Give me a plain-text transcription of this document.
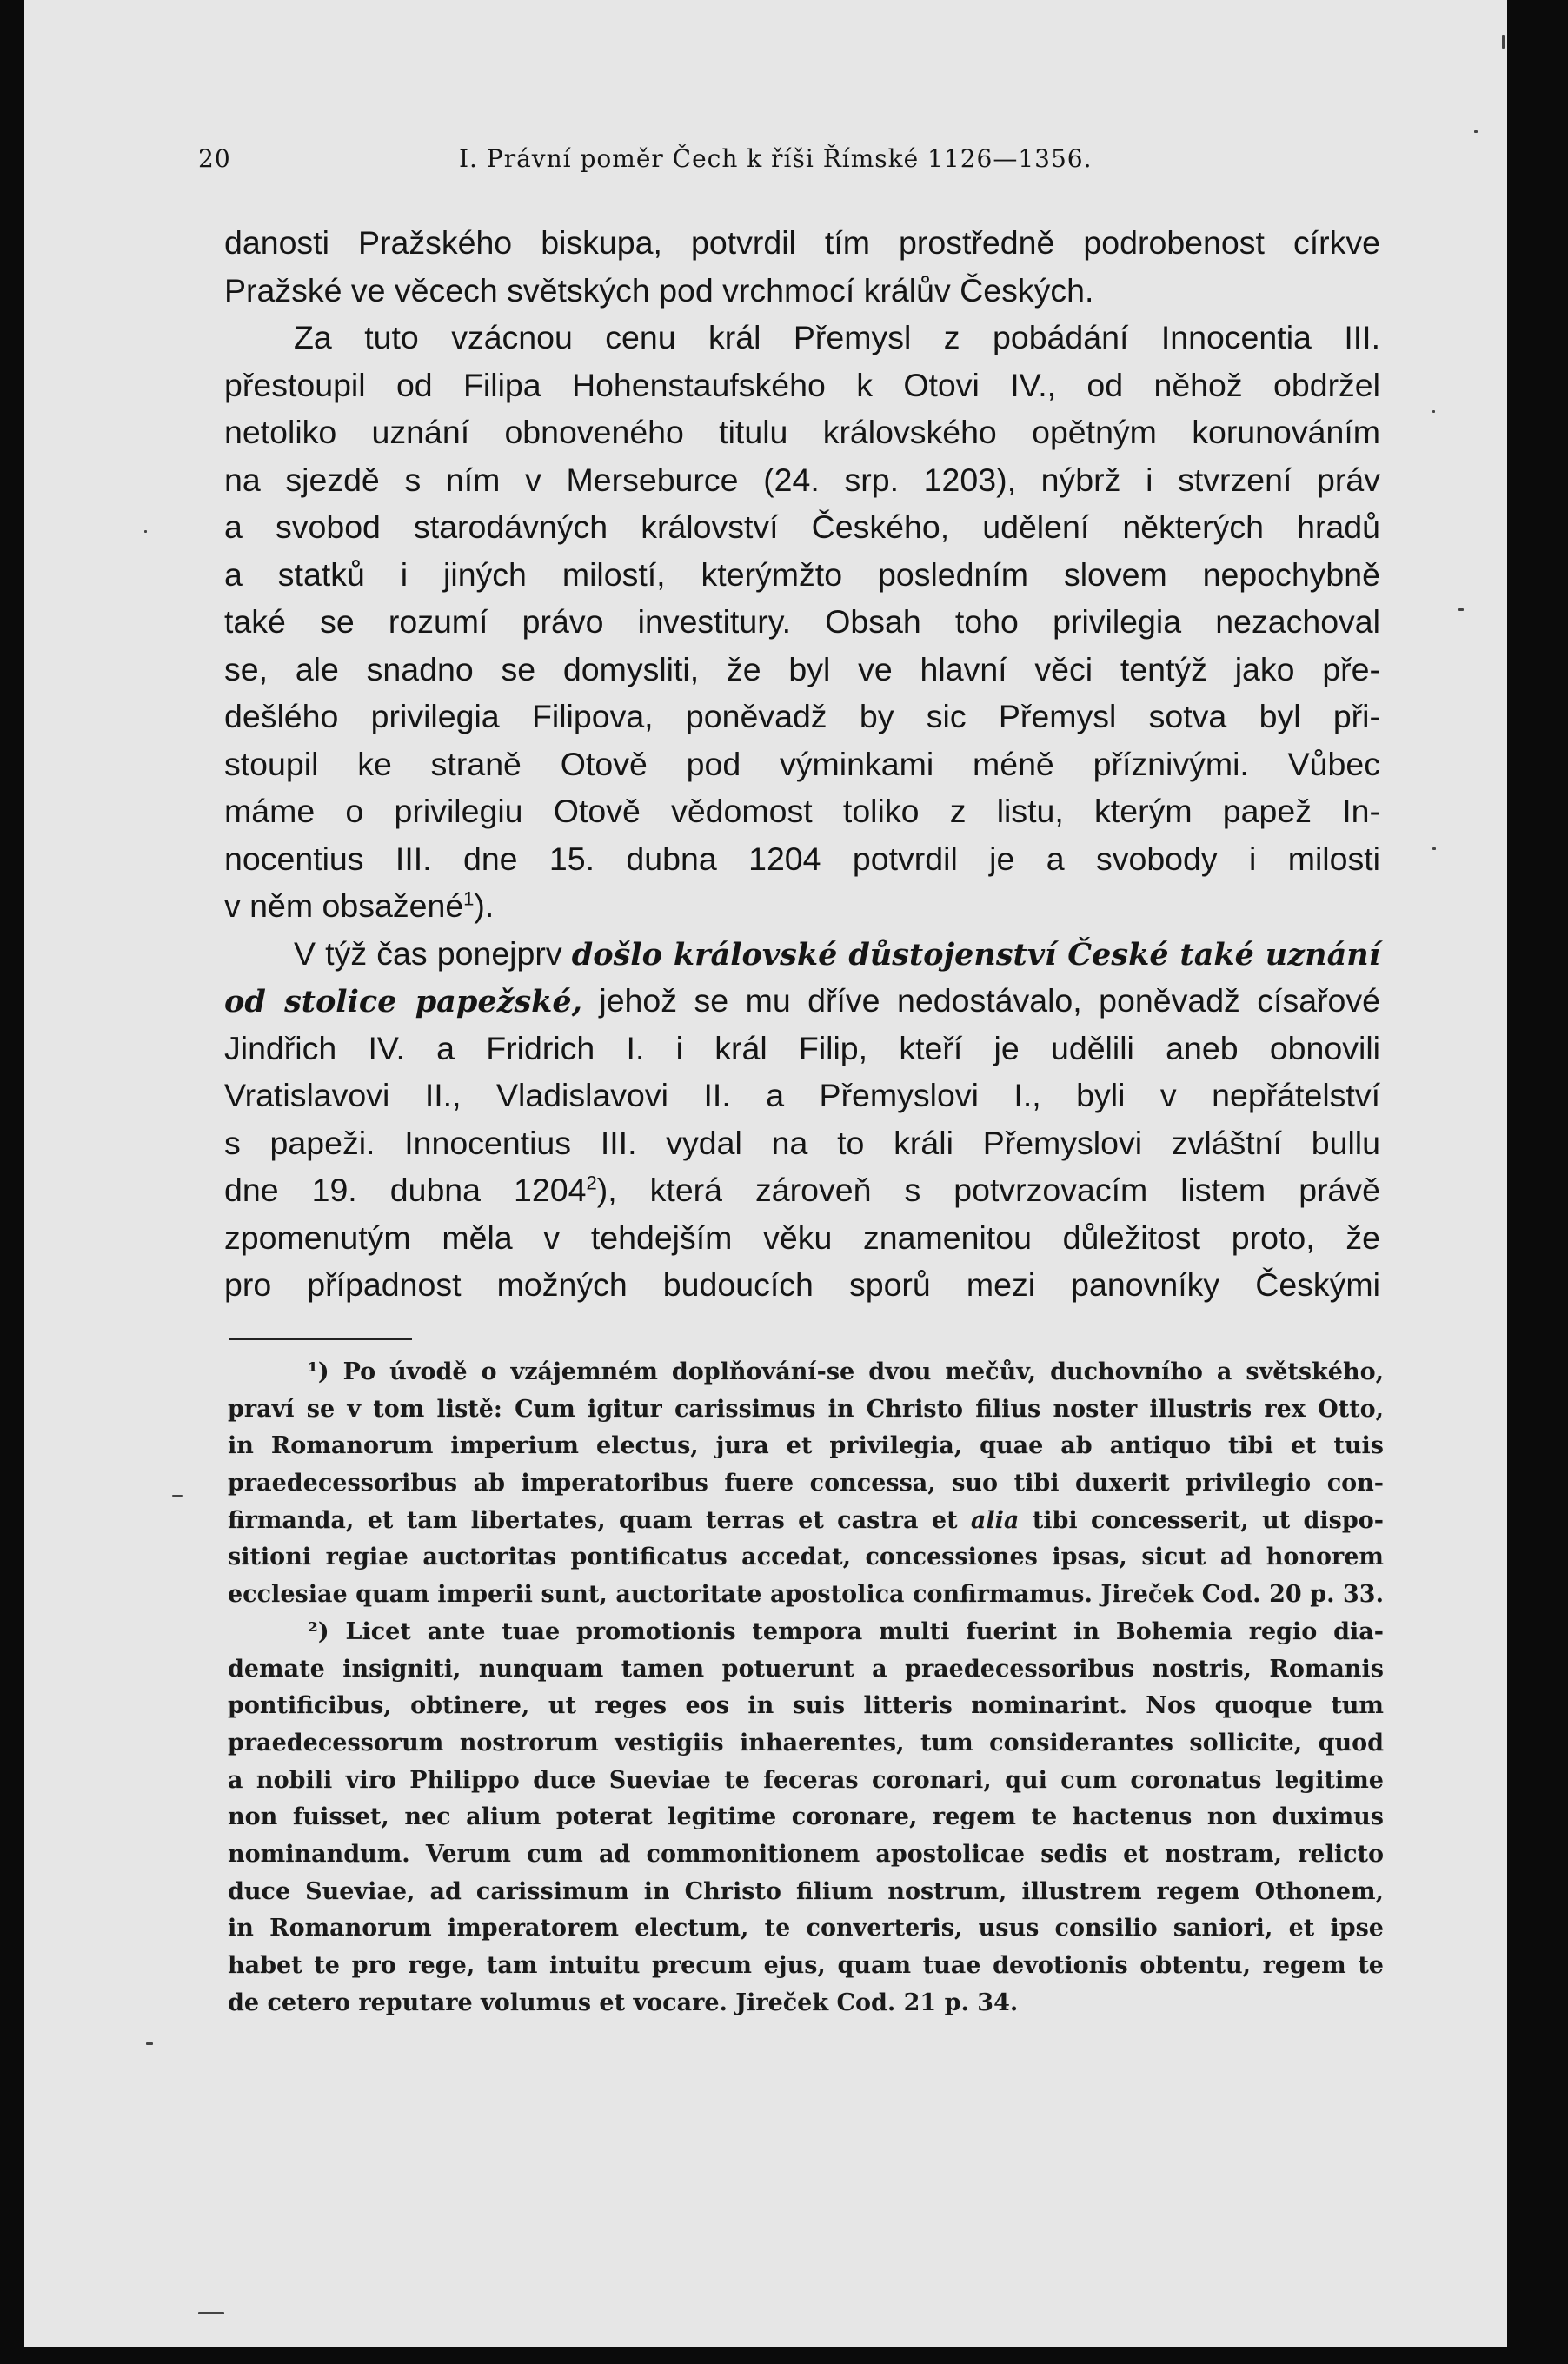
20	I. Právní poměr Čech k říši Římské 1126—1356.
danosti Pražského biskupa, potvrdil tím prostředně podrobenost církve
Pražské ve věcech světských pod vrchmocí králův Českých.
Za tuto vzácnou cenu král Přemysl z pobádání Innocentia III.
přestoupil od Filipa Hohenstaufského k Otovi IV., od něhož obdržel
netoliko uznání obnoveného titulu královského opětným korunováním
na sjezdě s ním v Merseburce (24. srp. 1203), nýbrž i stvrzení práv
a svobod starodávných království Českého, udělení některých hradů
a statků i jiných milostí, kterýmžto posledním slovem nepochybně
také se rozumí právo investitury. Obsah toho privilegia nezachoval
se, ale snadno se domysliti, že byl ve hlavní věci tentýž jako pře-
dešlého privilegia Filipova, poněvadž by sic Přemysl sotva byl při-
stoupil ke straně Otově pod výminkami méně příznivými. Vůbec
máme o privilegiu Otově vědomost toliko z listu, kterým papež In-
nocentius III. dne 15. dubna 1204 potvrdil je a svobody i milosti
v něm obsažené$^1$).
V týž čas ponejprv došlo královské důstojenství České také uznání
od stolice papežské, jehož se mu dříve nedostávalo, poněvadž císařové
Jindřich IV. a Fridrich I. i král Filip, kteří je udělili aneb obnovili
Vratislavovi II., Vladislavovi II. a Přemyslovi I., byli v nepřátelství
s papeži. Innocentius III. vydal na to králi Přemyslovi zvláštní bullu
dne 19. dubna 1204$^2$), která zároveň s potvrzovacím listem právě
zpomenutým měla v tehdejším věku znamenitou důležitost proto, že
pro případnost možných budoucích sporů mezi panovníky Českými
¹) Po úvodě o vzájemném doplňování-se dvou mečův, duchovního a světského,
praví se v tom listě: Cum igitur carissimus in Christo filius noster illustris rex Otto,
in Romanorum imperium electus, jura et privilegia, quae ab antiquo tibi et tuis
praedecessoribus ab imperatoribus fuere concessa, suo tibi duxerit privilegio con-
firmanda, et tam libertates, quam terras et castra et alia tibi concesserit, ut dispo-
sitioni regiae auctoritas pontificatus accedat, concessiones ipsas, sicut ad honorem
ecclesiae quam imperii sunt, auctoritate apostolica confirmamus. Jireček Cod. 20 p. 33.
²) Licet ante tuae promotionis tempora multi fuerint in Bohemia regio dia-
demate insigniti, nunquam tamen potuerunt a praedecessoribus nostris, Romanis
pontificibus, obtinere, ut reges eos in suis litteris nominarint. Nos quoque tum
praedecessorum nostrorum vestigiis inhaerentes, tum considerantes sollicite, quod
a nobili viro Philippo duce Sueviae te feceras coronari, qui cum coronatus legitime
non fuisset, nec alium poterat legitime coronare, regem te hactenus non duximus
nominandum. Verum cum ad commonitionem apostolicae sedis et nostram, relicto
duce Sueviae, ad carissimum in Christo filium nostrum, illustrem regem Othonem,
in Romanorum imperatorem electum, te converteris, usus consilio saniori, et ipse
habet te pro rege, tam intuitu precum ejus, quam tuae devotionis obtentu, regem te
de cetero reputare volumus et vocare. Jireček Cod. 21 p. 34.
